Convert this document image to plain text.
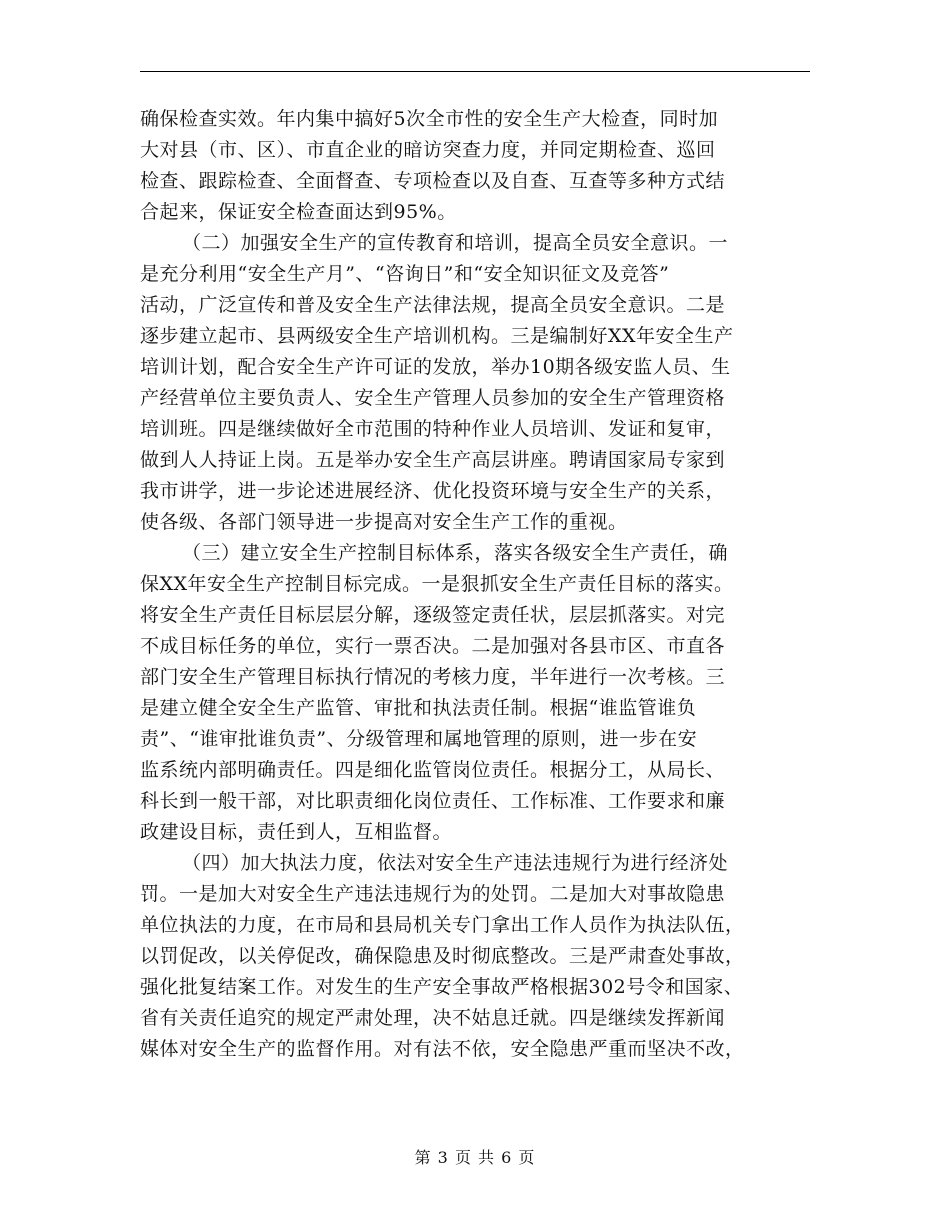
确保检查实效。年内集中搞好5次全市性的安全生产大检查，同时加
大对县（市、区）、市直企业的暗访突查力度，并同定期检查、巡回
检查、跟踪检查、全面督查、专项检查以及自查、互查等多种方式结
合起来，保证安全检查面达到95%。
（二）加强安全生产的宣传教育和培训，提高全员安全意识。一
是充分利用“安全生产月”、“咨询日”和“安全知识征文及竞答”
活动，广泛宣传和普及安全生产法律法规，提高全员安全意识。二是
逐步建立起市、县两级安全生产培训机构。三是编制好XX年安全生产
培训计划，配合安全生产许可证的发放，举办10期各级安监人员、生
产经营单位主要负责人、安全生产管理人员参加的安全生产管理资格
培训班。四是继续做好全市范围的特种作业人员培训、发证和复审，
做到人人持证上岗。五是举办安全生产高层讲座。聘请国家局专家到
我市讲学，进一步论述进展经济、优化投资环境与安全生产的关系，
使各级、各部门领导进一步提高对安全生产工作的重视。
（三）建立安全生产控制目标体系，落实各级安全生产责任，确
保XX年安全生产控制目标完成。一是狠抓安全生产责任目标的落实。
将安全生产责任目标层层分解，逐级签定责任状，层层抓落实。对完
不成目标任务的单位，实行一票否决。二是加强对各县市区、市直各
部门安全生产管理目标执行情况的考核力度，半年进行一次考核。三
是建立健全安全生产监管、审批和执法责任制。根据“谁监管谁负
责”、“谁审批谁负责”、分级管理和属地管理的原则，进一步在安
监系统内部明确责任。四是细化监管岗位责任。根据分工，从局长、
科长到一般干部，对比职责细化岗位责任、工作标准、工作要求和廉
政建设目标，责任到人，互相监督。
（四）加大执法力度，依法对安全生产违法违规行为进行经济处
罚。一是加大对安全生产违法违规行为的处罚。二是加大对事故隐患
单位执法的力度，在市局和县局机关专门拿出工作人员作为执法队伍，
以罚促改，以关停促改，确保隐患及时彻底整改。三是严肃查处事故，
强化批复结案工作。对发生的生产安全事故严格根据302号令和国家、
省有关责任追究的规定严肃处理，决不姑息迁就。四是继续发挥新闻
媒体对安全生产的监督作用。对有法不依，安全隐患严重而坚决不改，
第 3 页 共 6 页
